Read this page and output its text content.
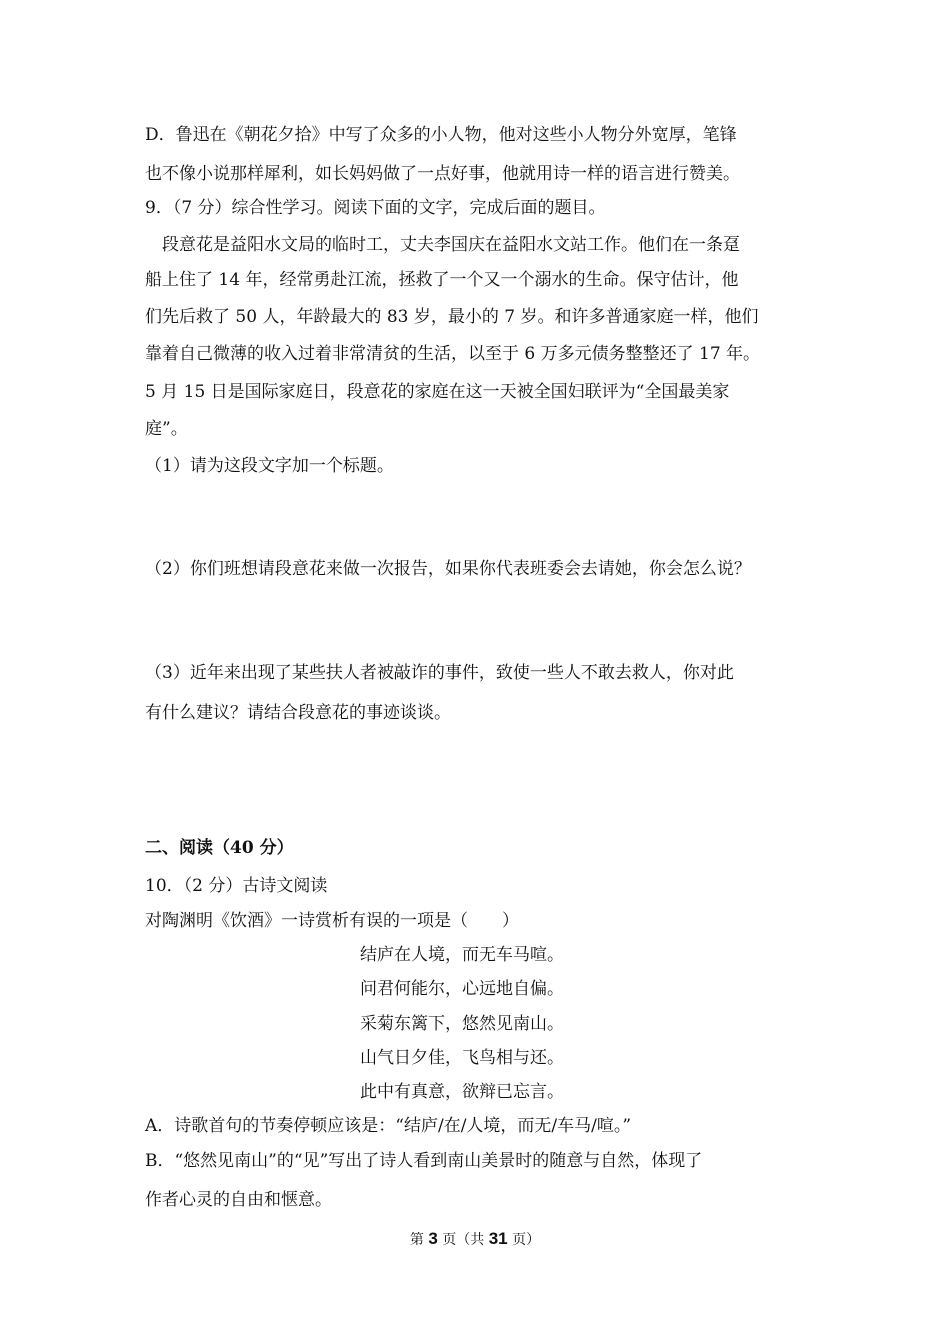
D．鲁迅在《朝花夕拾》中写了众多的小人物，他对这些小人物分外宽厚，笔锋
也不像小说那样犀利，如长妈妈做了一点好事，他就用诗一样的语言进行赞美。
9．（7 分）综合性学习。阅读下面的文字，完成后面的题目。
　段意花是益阳水文局的临时工，丈夫李国庆在益阳水文站工作。他们在一条趸
船上住了 14 年，经常勇赴江流，拯救了一个又一个溺水的生命。保守估计，他
们先后救了 50 人，年龄最大的 83 岁，最小的 7 岁。和许多普通家庭一样，他们
靠着自己微薄的收入过着非常清贫的生活，以至于 6 万多元债务整整还了 17 年。
5 月 15 日是国际家庭日，段意花的家庭在这一天被全国妇联评为“全国最美家
庭”。
（1）请为这段文字加一个标题。
（2）你们班想请段意花来做一次报告，如果你代表班委会去请她，你会怎么说？
（3）近年来出现了某些扶人者被敲诈的事件，致使一些人不敢去救人，你对此
有什么建议？请结合段意花的事迹谈谈。
二、阅读（40 分）
10．（2 分）古诗文阅读
对陶渊明《饮酒》一诗赏析有误的一项是（　　）
结庐在人境，而无车马喧。
问君何能尔，心远地自偏。
采菊东篱下，悠然见南山。
山气日夕佳，飞鸟相与还。
此中有真意，欲辩已忘言。
A．诗歌首句的节奏停顿应该是：“结庐/在/人境，而无/车马/喧。”
B．“悠然见南山”的“见”写出了诗人看到南山美景时的随意与自然，体现了
作者心灵的自由和惬意。
第 3 页（共 31 页）
